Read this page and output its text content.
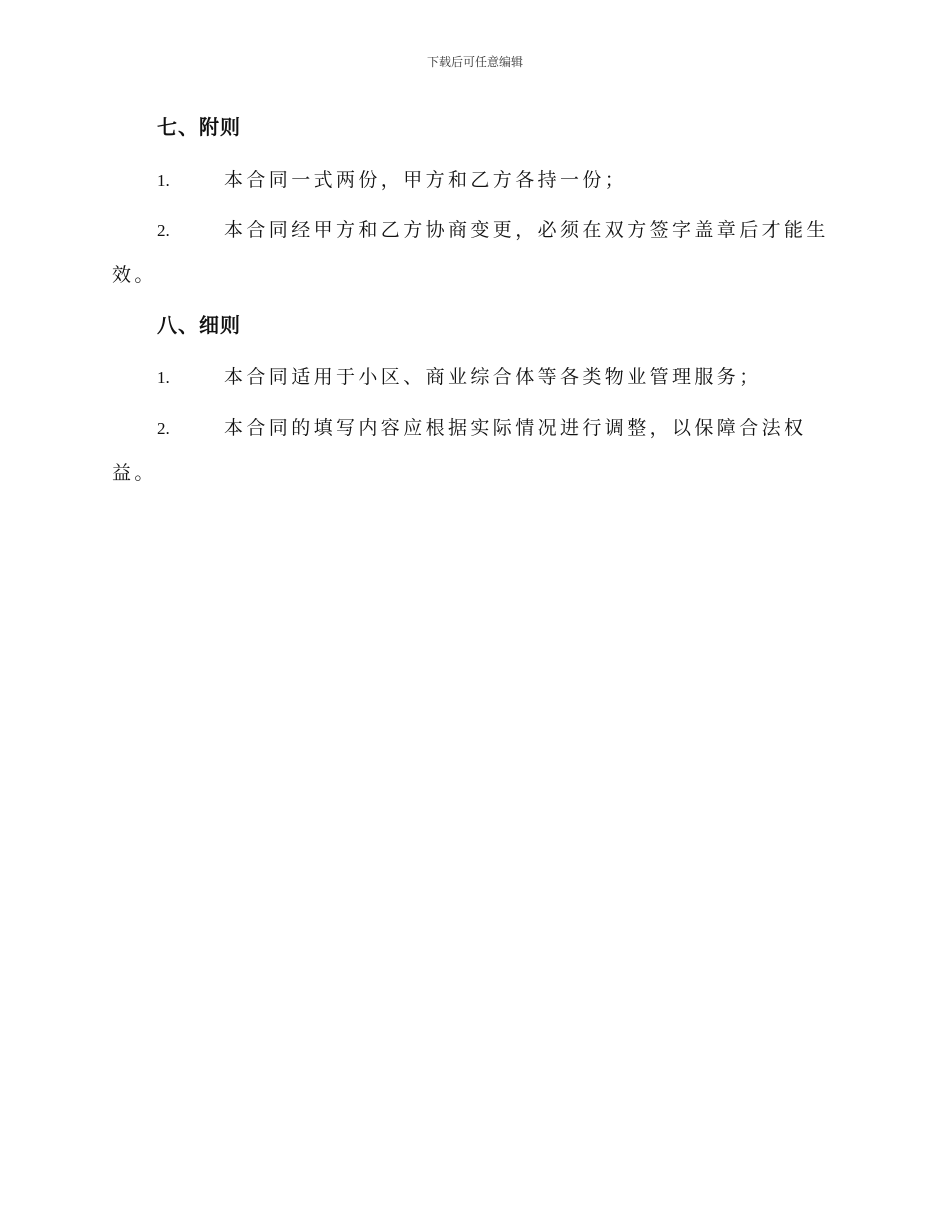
下载后可任意编辑
七、附则
1.	本合同一式两份，甲方和乙方各持一份；
2.	本合同经甲方和乙方协商变更，必须在双方签字盖章后才能生效。
八、细则
1.	本合同适用于小区、商业综合体等各类物业管理服务；
2.	本合同的填写内容应根据实际情况进行调整，以保障合法权益。
